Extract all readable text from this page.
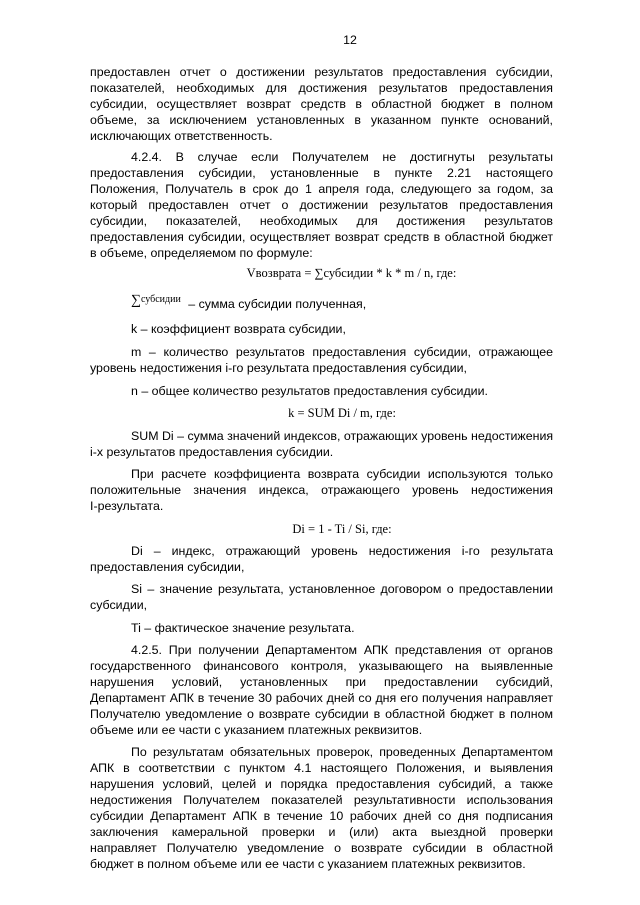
12
предоставлен отчет о достижении результатов предоставления субсидии,
показателей, необходимых для достижения результатов предоставления
субсидии, осуществляет возврат средств в областной бюджет в полном
объеме, за исключением установленных в указанном пункте оснований,
исключающих ответственность.
4.2.4. В случае если Получателем не достигнуты результаты
предоставления субсидии, установленные в пункте 2.21 настоящего
Положения, Получатель в срок до 1 апреля года, следующего за годом, за
который предоставлен отчет о достижении результатов предоставления
субсидии, показателей, необходимых для достижения результатов
предоставления субсидии, осуществляет возврат средств в областной бюджет
в объеме, определяемом по формуле:
Vвозврата = ∑субсидии * k * m / n, где:
∑субсидии – сумма субсидии полученная,
k – коэффициент возврата субсидии,
m – количество результатов предоставления субсидии, отражающее
уровень недостижения i-го результата предоставления субсидии,
n – общее количество результатов предоставления субсидии.
k = SUM Di / m, где:
SUM Di – сумма значений индексов, отражающих уровень недостижения
i-х результатов предоставления субсидии.
При расчете коэффициента возврата субсидии используются только
положительные значения индекса, отражающего уровень недостижения
I-результата.
Di = 1 - Ti / Si, где:
Di – индекс, отражающий уровень недостижения i-го результата
предоставления субсидии,
Si – значение результата, установленное договором о предоставлении
субсидии,
Ti – фактическое значение результата.
4.2.5. При получении Департаментом АПК представления от органов
государственного финансового контроля, указывающего на выявленные
нарушения условий, установленных при предоставлении субсидий,
Департамент АПК в течение 30 рабочих дней со дня его получения направляет
Получателю уведомление о возврате субсидии в областной бюджет в полном
объеме или ее части с указанием платежных реквизитов.
По результатам обязательных проверок, проведенных Департаментом
АПК в соответствии с пунктом 4.1 настоящего Положения, и выявления
нарушения условий, целей и порядка предоставления субсидий, а также
недостижения Получателем показателей результативности использования
субсидии Департамент АПК в течение 10 рабочих дней со дня подписания
заключения камеральной проверки и (или) акта выездной проверки
направляет Получателю уведомление о возврате субсидии в областной
бюджет в полном объеме или ее части с указанием платежных реквизитов.
